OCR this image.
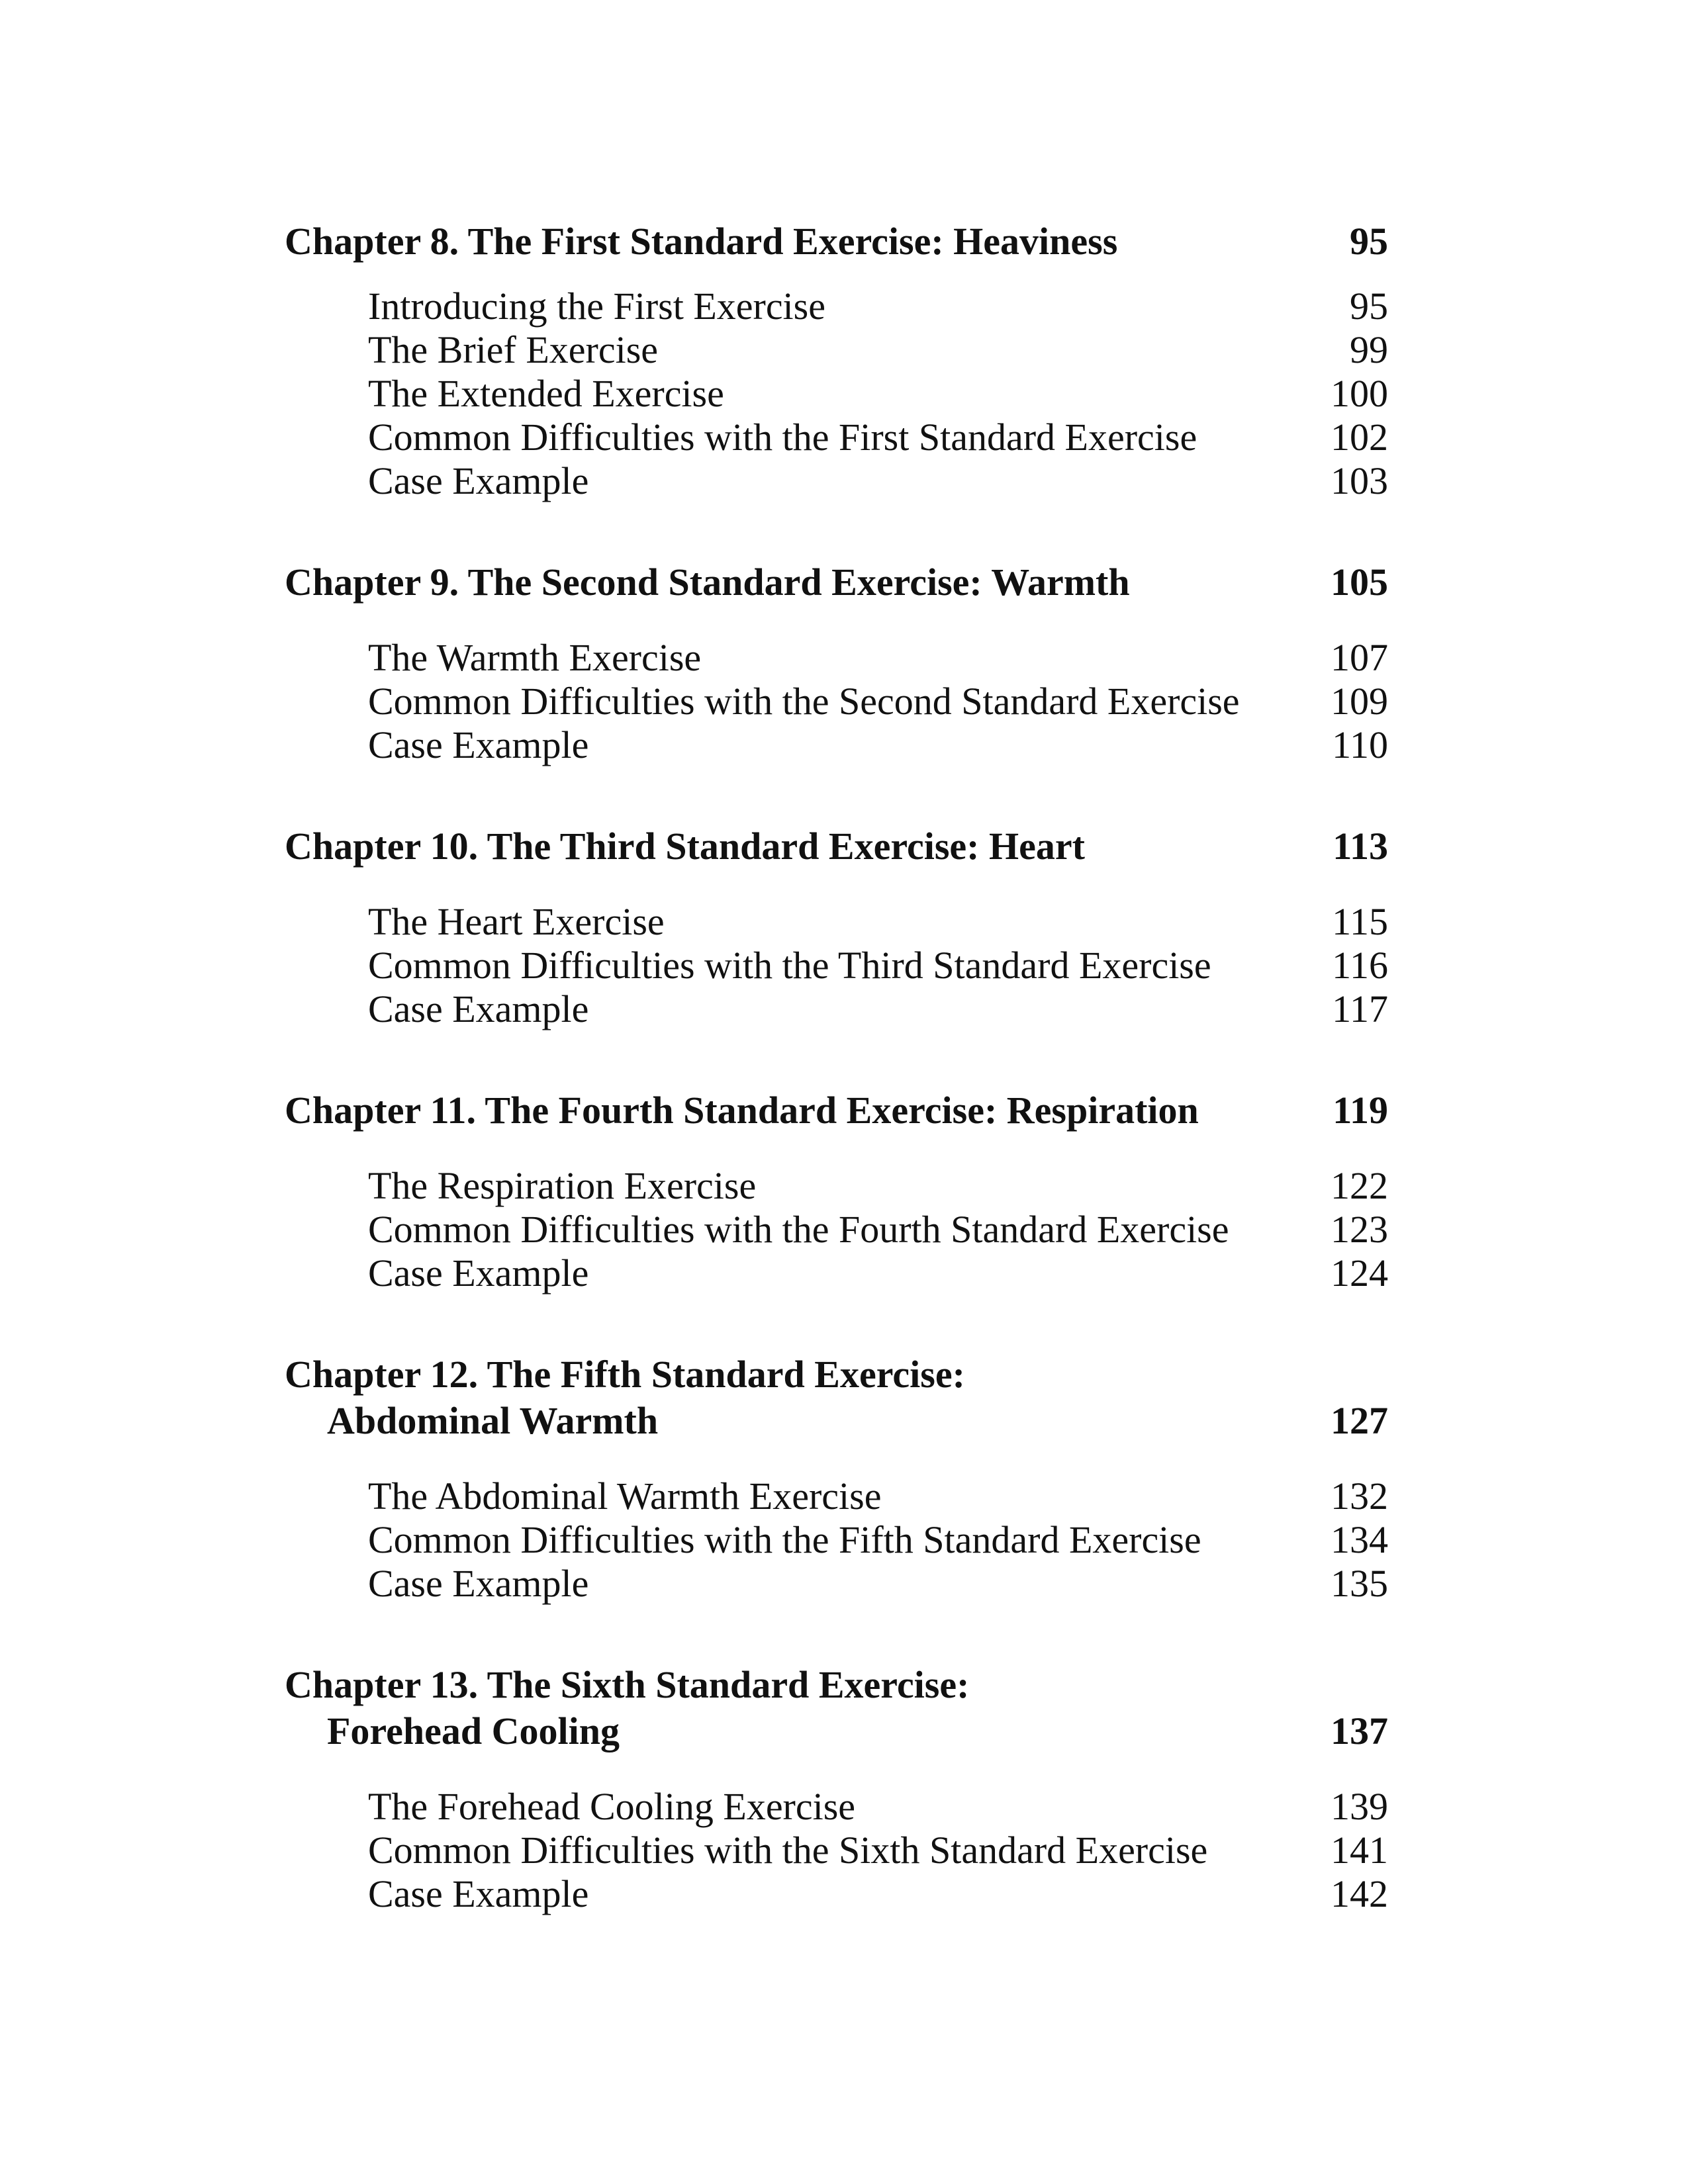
Chapter 8. The First Standard Exercise: Heaviness	95
Introducing the First Exercise	95
The Brief Exercise	99
The Extended Exercise	100
Common Difficulties with the First Standard Exercise	102
Case Example	103
Chapter 9. The Second Standard Exercise: Warmth	105
The Warmth Exercise	107
Common Difficulties with the Second Standard Exercise 109
Case Example	110
Chapter 10. The Third Standard Exercise: Heart	113
The Heart Exercise	115
Common Difficulties with the Third Standard Exercise	116
Case Example	117
Chapter 11. The Fourth Standard Exercise: Respiration	119
The Respiration Exercise	122
Common Difficulties with the Fourth Standard Exercise	123
Case Example	124
Chapter 12. The Fifth Standard Exercise:
Abdominal Warmth	127
The Abdominal Warmth Exercise	132
Common Difficulties with the Fifth Standard Exercise	134
Case Example	135
Chapter 13. The Sixth Standard Exercise:
Forehead Cooling	137
The Forehead Cooling Exercise	139
Common Difficulties with the Sixth Standard Exercise	141
Case Example	142
